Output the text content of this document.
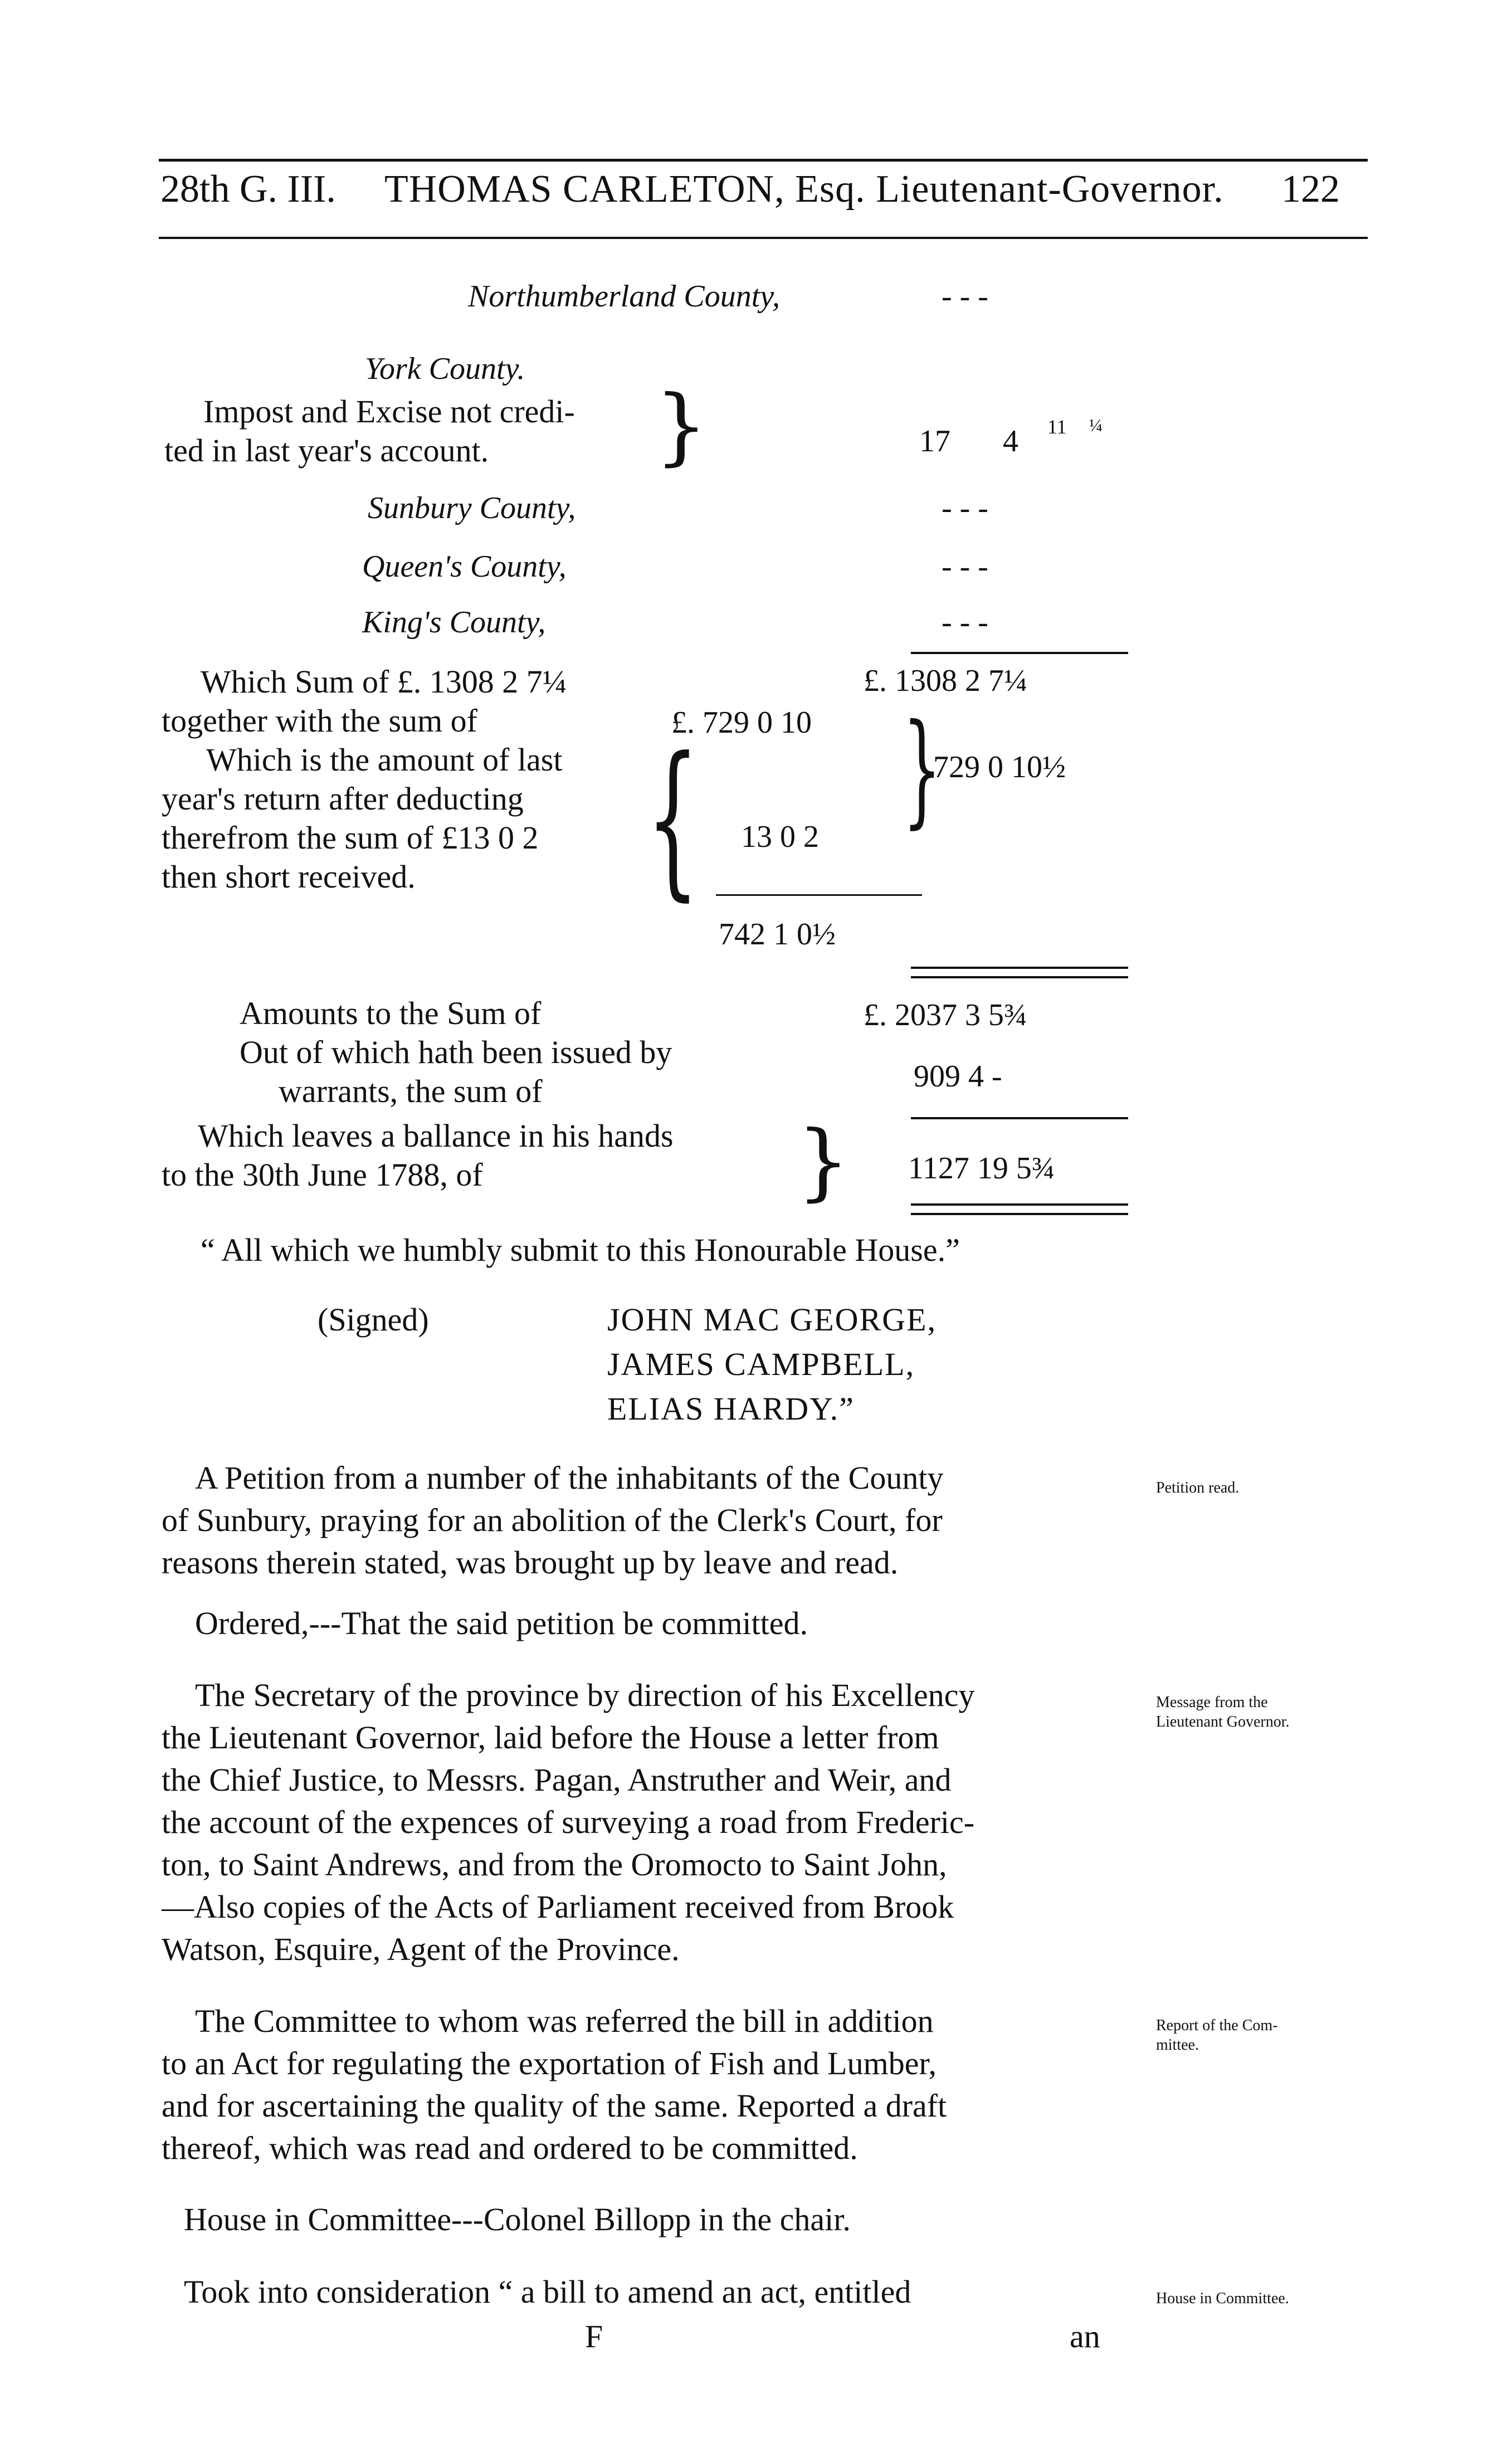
28th G. III. THOMAS CARLETON, Esq. Lieutenant-Governor. 122
Northumberland County,	- - -
York County.
Impost and Excise not credi-
ted in last year's account. }	17 4 11 ¼
Sunbury County,	- - -
Queen's County,	- - -
King's County,	- - -
Which Sum of £. 1308 2 7¼	£. 1308 2 7¼
together with the sum of	£. 729 0 10
Which is the amount of last
year's return after deducting
therefrom the sum of £13 0 2
then short received. { 13 0 2 }
729 0 10½
742 1 0½
Amounts to the Sum of	£. 2037 3 5¾
Out of which hath been issued by
warrants, the sum of	909 4 -
Which leaves a ballance in his hands
to the 30th June 1788, of	} 1127 19 5¾
“ All which we humbly submit to this Honourable House.”
(Signed)	JOHN MAC GEORGE,
JAMES CAMPBELL,
ELIAS HARDY.”
A Petition from a number of the inhabitants of the County
of Sunbury, praying for an abolition of the Clerk's Court, for
reasons therein stated, was brought up by leave and read.
Petition read.
Ordered,---That the said petition be committed.
The Secretary of the province by direction of his Excellency
the Lieutenant Governor, laid before the House a letter from
the Chief Justice, to Messrs. Pagan, Anstruther and Weir, and
the account of the expences of surveying a road from Frederic-
ton, to Saint Andrews, and from the Oromocto to Saint John,
—Also copies of the Acts of Parliament received from Brook
Watson, Esquire, Agent of the Province.
Message from the
Lieutenant Governor.
The Committee to whom was referred the bill in addition
to an Act for regulating the exportation of Fish and Lumber,
and for ascertaining the quality of the same. Reported a draft
thereof, which was read and ordered to be committed.
Report of the Com-
mittee.
House in Committee---Colonel Billopp in the chair.
Took into consideration “ a bill to amend an act, entitled	House in Committee.
F	an
